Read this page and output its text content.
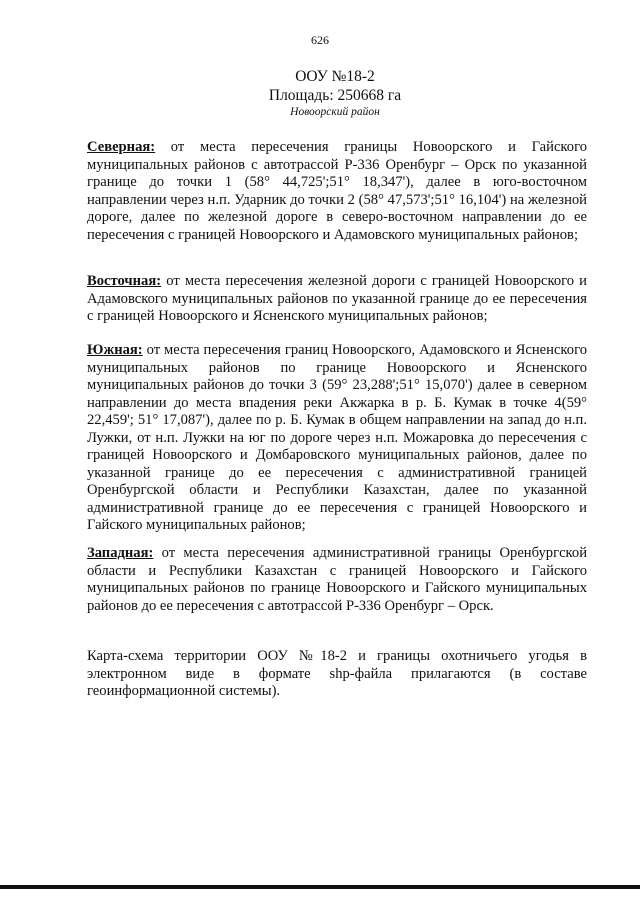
626
ООУ №18-2
Площадь: 250668 га
Новоорский район
Северная: от места пересечения границы Новоорского и Гайского муниципальных районов с автотрассой Р-336 Оренбург – Орск по указанной границе до точки 1 (58° 44,725';51° 18,347'), далее в юго-восточном направлении через н.п. Ударник до точки 2 (58° 47,573';51° 16,104') на железной дороге, далее по железной дороге в северо-восточном направлении до ее пересечения с границей Новоорского и Адамовского муниципальных районов;
Восточная: от места пересечения железной дороги с границей Новоорского и Адамовского муниципальных районов по указанной границе до ее пересечения с границей Новоорского и Ясненского муниципальных районов;
Южная: от места пересечения границ Новоорского, Адамовского и Ясненского муниципальных районов по границе Новоорского и Ясненского муниципальных районов до точки 3 (59° 23,288';51° 15,070') далее в северном направлении до места впадения реки Акжарка в р. Б. Кумак в точке 4(59° 22,459'; 51° 17,087'), далее по р. Б. Кумак в общем направлении на запад до н.п. Лужки, от н.п. Лужки на юг по дороге через н.п. Можаровка до пересечения с границей Новоорского и Домбаровского муниципальных районов, далее по указанной границе до ее пересечения с административной границей Оренбургской области и Республики Казахстан, далее по указанной административной границе до ее пересечения с границей Новоорского и Гайского муниципальных районов;
Западная: от места пересечения административной границы Оренбургской области и Республики Казахстан с границей Новоорского и Гайского муниципальных районов по границе Новоорского и Гайского муниципальных районов до ее пересечения с автотрассой Р-336 Оренбург – Орск.
Карта-схема территории ООУ №18-2 и границы охотничьего угодья в электронном виде в формате shp-файла прилагаются (в составе геоинформационной системы).
